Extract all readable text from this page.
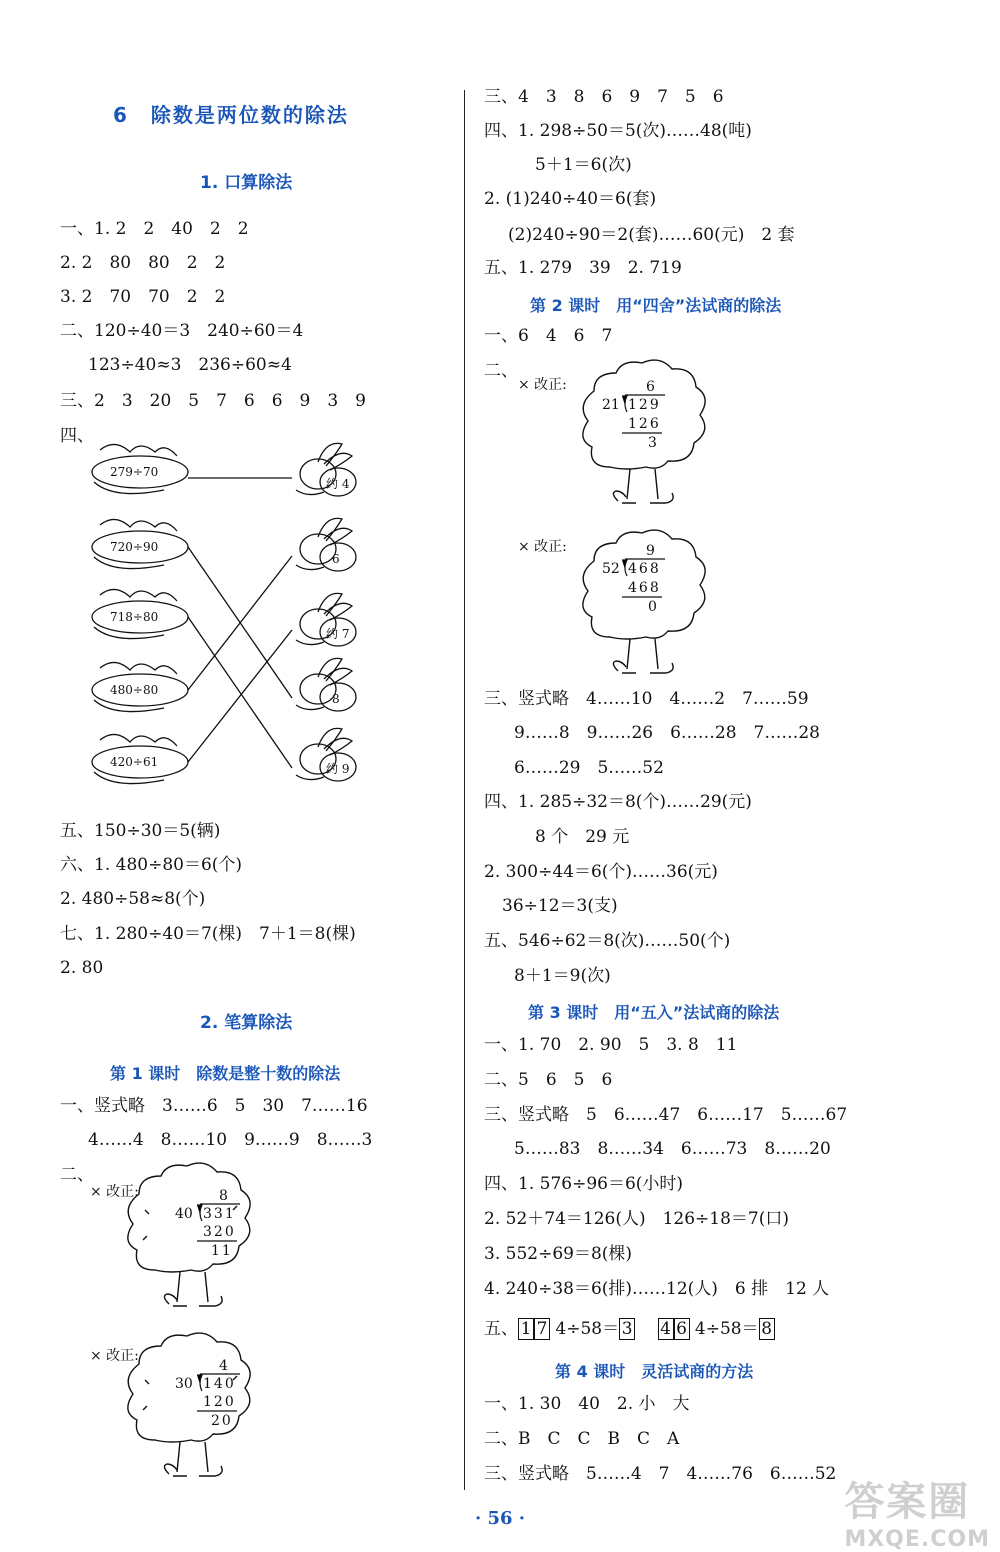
6　除数是两位数的除法
1. 口算除法
一、1. 2　2　40　2　2
2. 2　80　80　2　2
3. 2　70　70　2　2
二、120÷40＝3　240÷60＝4
123÷40≈3　236÷60≈4
三、2　3　20　5　7　6　6　9　3　9
四、
279÷70
720÷90
718÷80
480÷80
420÷61
约 4
6
约 7
8
约 9
五、150÷30＝5(辆)
六、1. 480÷80＝6(个)
2. 480÷58≈8(个)
七、1. 280÷40＝7(棵)　7＋1＝8(棵)
2. 80
2. 笔算除法
第 1 课时　除数是整十数的除法
一、竖式略　3……6　5　30　7……16
4……4　8……10　9……9　8……3
二、
× 改正:	8
40 331
320
11
× 改正:
4
30 140
120
20
三、4　3　8　6　9　7　5　6
四、1. 298÷50＝5(次)……48(吨)
5＋1＝6(次)
2. (1)240÷40＝6(套)
(2)240÷90＝2(套)……60(元)　2 套
五、1. 279　39　2. 719
第 2 课时　用“四舍”法试商的除法
一、6　4　6　7
二、
× 改正:	6
21 129
126
3
× 改正:	9
52 468
468
0
三、竖式略　4……10　4……2　7……59
9……8　9……26　6……28　7……28
6……29　5……52
四、1. 285÷32＝8(个)……29(元)
8 个　29 元
2. 300÷44＝6(个)……36(元)
36÷12＝3(支)
五、546÷62＝8(次)……50(个)
8＋1＝9(次)
第 3 课时　用“五入”法试商的除法
一、1. 70　2. 90　5　3. 8　11
二、5　6　5　6
三、竖式略　5　6……47　6……17　5……67
5……83　8……34　6……73　8……20
四、1. 576÷96＝6(小时)
2. 52＋74＝126(人)　126÷18＝7(口)
3. 552÷69＝8(棵)
4. 240÷38＝6(排)……12(人)　6 排　12 人
五、 1 7 4÷58＝ 3　 4 6 4÷58＝ 8
第 4 课时　灵活试商的方法
一、1. 30　40　2. 小　大
二、B　C　C　B　C　A
三、竖式略　5……4　7　4……76　6……52
· 56 ·	答案圈
MXQE.COM
